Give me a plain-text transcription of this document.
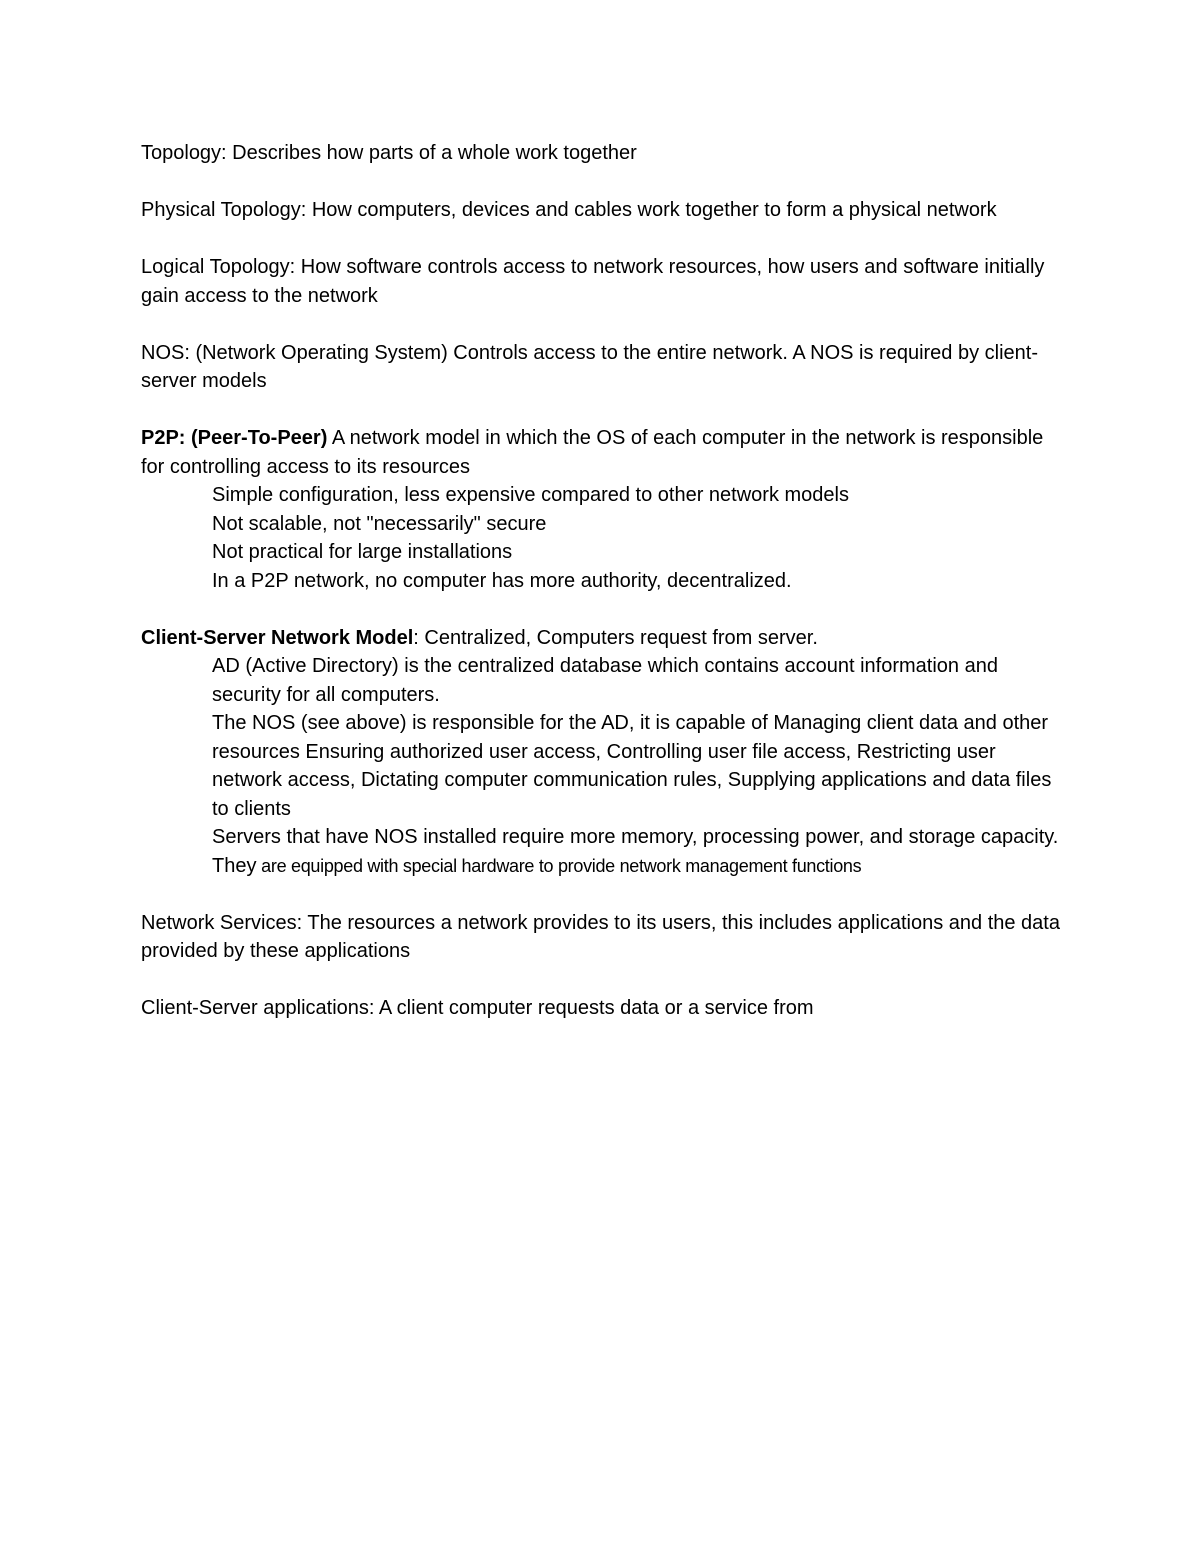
Topology: Describes how parts of a whole work together

Physical Topology: How computers, devices and cables work together to form a physical network

Logical Topology: How software controls access to network resources, how users and software initially gain access to the network

NOS: (Network Operating System) Controls access to the entire network. A NOS is required by client-server models

P2P: (Peer-To-Peer) A network model in which the OS of each computer in the network is responsible for controlling access to its resources
Simple configuration, less expensive compared to other network models
Not scalable, not "necessarily" secure
Not practical for large installations
In a P2P network, no computer has more authority, decentralized.
Client-Server Network Model: Centralized, Computers request from server.
AD (Active Directory) is the centralized database which contains account information and security for all computers.
The NOS (see above) is responsible for the AD, it is capable of Managing client data and other resources Ensuring authorized user access, Controlling user file access, Restricting user network access, Dictating computer communication rules, Supplying applications and data files to clients
Servers that have NOS installed require more memory, processing power, and storage capacity. They are equipped with special hardware to provide network management functions

Network Services: The resources a network provides to its users, this includes applications and the data provided by these applications

Client-Server applications: A client computer requests data or a service from
